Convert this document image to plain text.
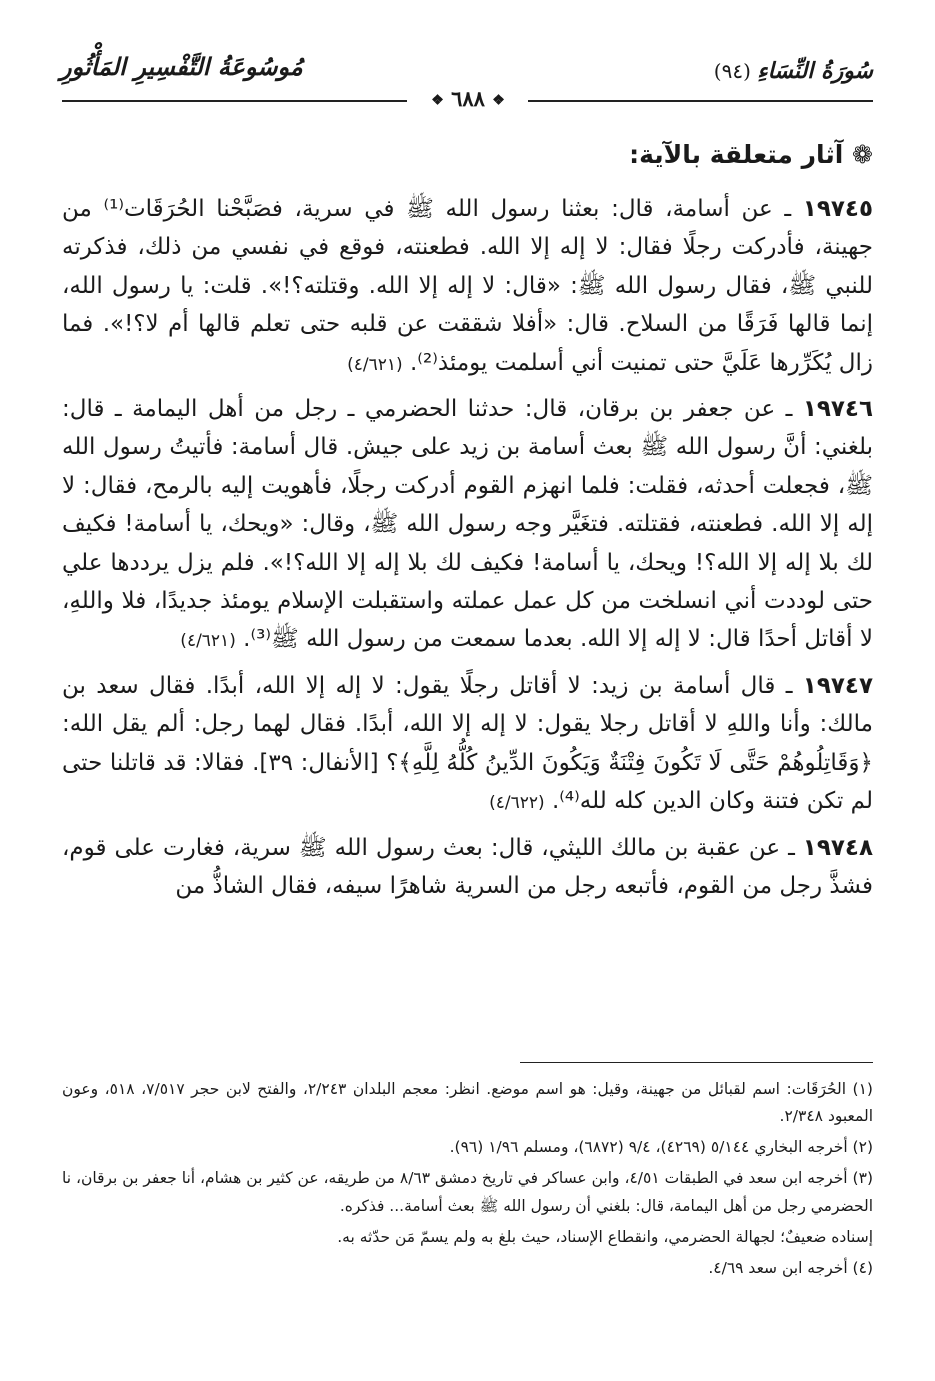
مُوسُوعَةُ التَّفْسِيرِ المَأْثُورِ	سُورَةُ النِّسَاءِ (٩٤)
❖ ٦٨٨ ❖
❁ آثار متعلقة بالآية:

١٩٧٤٥ ـ عن أسامة، قال: بعثنا رسول الله ﷺ في سرية، فصَبَّحْنا الحُرَقَات⁽¹⁾ من جهينة، فأدركت رجلًا فقال: لا إله إلا الله. فطعنته، فوقع في نفسي من ذلك، فذكرته للنبي ﷺ، فقال رسول الله ﷺ: «قال: لا إله إلا الله. وقتلته؟!». قلت: يا رسول الله، إنما قالها فَرَقًا من السلاح. قال: «أفلا شققت عن قلبه حتى تعلم قالها أم لا؟!». فما زال يُكَرِّرها عَلَيَّ حتى تمنيت أني أسلمت يومئذ⁽²⁾. (٤/٦٢١)

١٩٧٤٦ ـ عن جعفر بن برقان، قال: حدثنا الحضرمي ـ رجل من أهل اليمامة ـ قال: بلغني: أنَّ رسول الله ﷺ بعث أسامة بن زيد على جيش. قال أسامة: فأتيتُ رسول الله ﷺ، فجعلت أحدثه، فقلت: فلما انهزم القوم أدركت رجلًا، فأهويت إليه بالرمح، فقال: لا إله إلا الله. فطعنته، فقتلته. فتغَيَّر وجه رسول الله ﷺ، وقال: «ويحك، يا أسامة! فكيف لك بلا إله إلا الله؟! ويحك، يا أسامة! فكيف لك بلا إله إلا الله؟!». فلم يزل يرددها علي حتى لوددت أني انسلخت من كل عمل عملته واستقبلت الإسلام يومئذ جديدًا، فلا واللهِ، لا أقاتل أحدًا قال: لا إله إلا الله. بعدما سمعت من رسول الله ﷺ⁽³⁾. (٤/٦٢١)

١٩٧٤٧ ـ قال أسامة بن زيد: لا أقاتل رجلًا يقول: لا إله إلا الله، أبدًا. فقال سعد بن مالك: وأنا واللهِ لا أقاتل رجلا يقول: لا إله إلا الله، أبدًا. فقال لهما رجل: ألم يقل الله: ﴿وَقَاتِلُوهُمْ حَتَّى لَا تَكُونَ فِتْنَةٌ وَيَكُونَ الدِّينُ كُلُّهُ لِلَّهِ﴾؟ [الأنفال: ٣٩]. فقالا: قد قاتلنا حتى لم تكن فتنة وكان الدين كله لله⁽⁴⁾. (٤/٦٢٢)

١٩٧٤٨ ـ عن عقبة بن مالك الليثي، قال: بعث رسول الله ﷺ سرية، فغارت على قوم، فشذَّ رجل من القوم، فأتبعه رجل من السرية شاهرًا سيفه، فقال الشاذُّ من

(١) الحُرَقَات: اسم لقبائل من جهينة، وقيل: هو اسم موضع. انظر: معجم البلدان ٢/٢٤٣، والفتح لابن حجر ٧/٥١٧، ٥١٨، وعون المعبود ٢/٣٤٨.

(٢) أخرجه البخاري ٥/١٤٤ (٤٢٦٩)، ٩/٤ (٦٨٧٢)، ومسلم ١/٩٦ (٩٦).

(٣) أخرجه ابن سعد في الطبقات ٤/٥١، وابن عساكر في تاريخ دمشق ٨/٦٣ من طريقه، عن كثير بن هشام، أنا جعفر بن برقان، نا الحضرمي رجل من أهل اليمامة، قال: بلغني أن رسول الله ﷺ بعث أسامة... فذكره.

إسناده ضعيفٌ؛ لجهالة الحضرمي، وانقطاع الإسناد، حيث بلغ به ولم يسمّ مَن حدّثه به.

(٤) أخرجه ابن سعد ٤/٦٩.
